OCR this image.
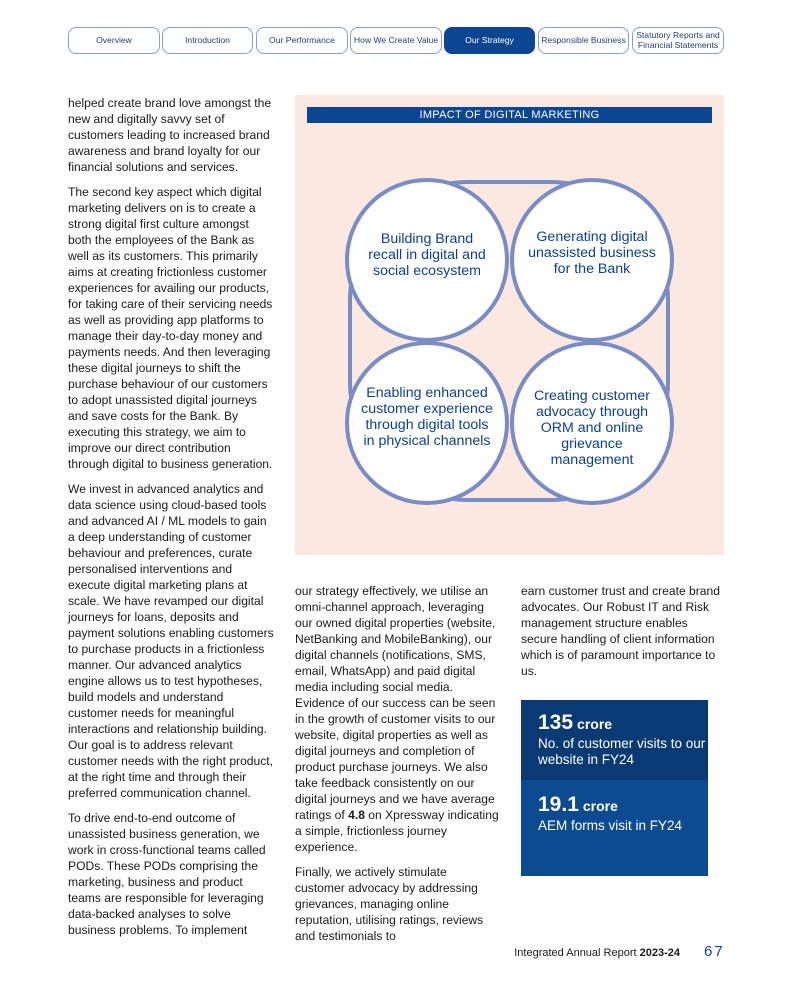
Overview	Introduction	Our Performance	How We Create Value	Our Strategy	Responsible Business	Statutory Reports and Financial Statements

helped create brand love amongst the new and digitally savvy set of customers leading to increased brand awareness and brand loyalty for our financial solutions and services.

The second key aspect which digital marketing delivers on is to create a strong digital first culture amongst both the employees of the Bank as well as its customers. This primarily aims at creating frictionless customer experiences for availing our products, for taking care of their servicing needs as well as providing app platforms to manage their day-to-day money and payments needs. And then leveraging these digital journeys to shift the purchase behaviour of our customers to adopt unassisted digital journeys and save costs for the Bank. By executing this strategy, we aim to improve our direct contribution through digital to business generation.

We invest in advanced analytics and data science using cloud-based tools and advanced AI / ML models to gain a deep understanding of customer behaviour and preferences, curate personalised interventions and execute digital marketing plans at scale. We have revamped our digital journeys for loans, deposits and payment solutions enabling customers to purchase products in a frictionless manner. Our advanced analytics engine allows us to test hypotheses, build models and understand customer needs for meaningful interactions and relationship building. Our goal is to address relevant customer needs with the right product, at the right time and through their preferred communication channel.

To drive end-to-end outcome of unassisted business generation, we work in cross-functional teams called PODs. These PODs comprising the marketing, business and product teams are responsible for leveraging data-backed analyses to solve business problems. To implement

IMPACT OF DIGITAL MARKETING
Building Brand recall in digital and social ecosystem
Generating digital unassisted business for the Bank
Enabling enhanced customer experience through digital tools in physical channels
Creating customer advocacy through ORM and online grievance management

our strategy effectively, we utilise an omni-channel approach, leveraging our owned digital properties (website, NetBanking and MobileBanking), our digital channels (notifications, SMS, email, WhatsApp) and paid digital media including social media. Evidence of our success can be seen in the growth of customer visits to our website, digital properties as well as digital journeys and completion of product purchase journeys. We also take feedback consistently on our digital journeys and we have average ratings of 4.8 on Xpressway indicating a simple, frictionless journey experience.

Finally, we actively stimulate customer advocacy by addressing grievances, managing online reputation, utilising ratings, reviews and testimonials to

earn customer trust and create brand advocates. Our Robust IT and Risk management structure enables secure handling of client information which is of paramount importance to us.

135 crore
No. of customer visits to our website in FY24
19.1 crore
AEM forms visit in FY24
Integrated Annual Report 2023-24 67
